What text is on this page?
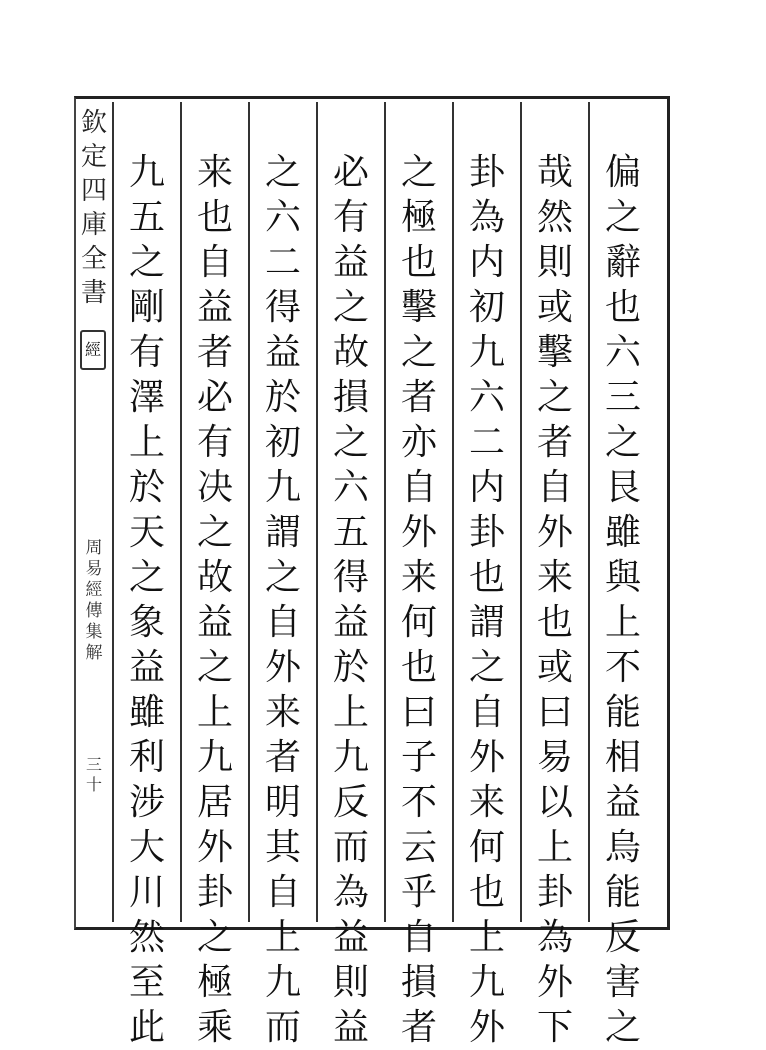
欽
定
四
庫
全
書
經
周
易
經
傳
集
解
三十
偏
之
辭
也
六
三
之
艮
雖
與
上
不
能
相
益
烏
能
反
害
之
哉
然
則
或
擊
之
者
自
外
来
也
或
曰
易
以
上
卦
為
外
下
卦
為
内
初
九
六
二
内
卦
也
謂
之
自
外
来
何
也
上
九
外
之
極
也
擊
之
者
亦
自
外
来
何
也
曰
子
不
云
乎
自
損
者
必
有
益
之
故
損
之
六
五
得
益
於
上
九
反
而
為
益
則
益
之
六
二
得
益
於
初
九
謂
之
自
外
来
者
明
其
自
上
九
而
来
也
自
益
者
必
有
决
之
故
益
之
上
九
居
外
卦
之
極
乘
九
五
之
剛
有
澤
上
於
天
之
象
益
雖
利
涉
大
川
然
至
此
